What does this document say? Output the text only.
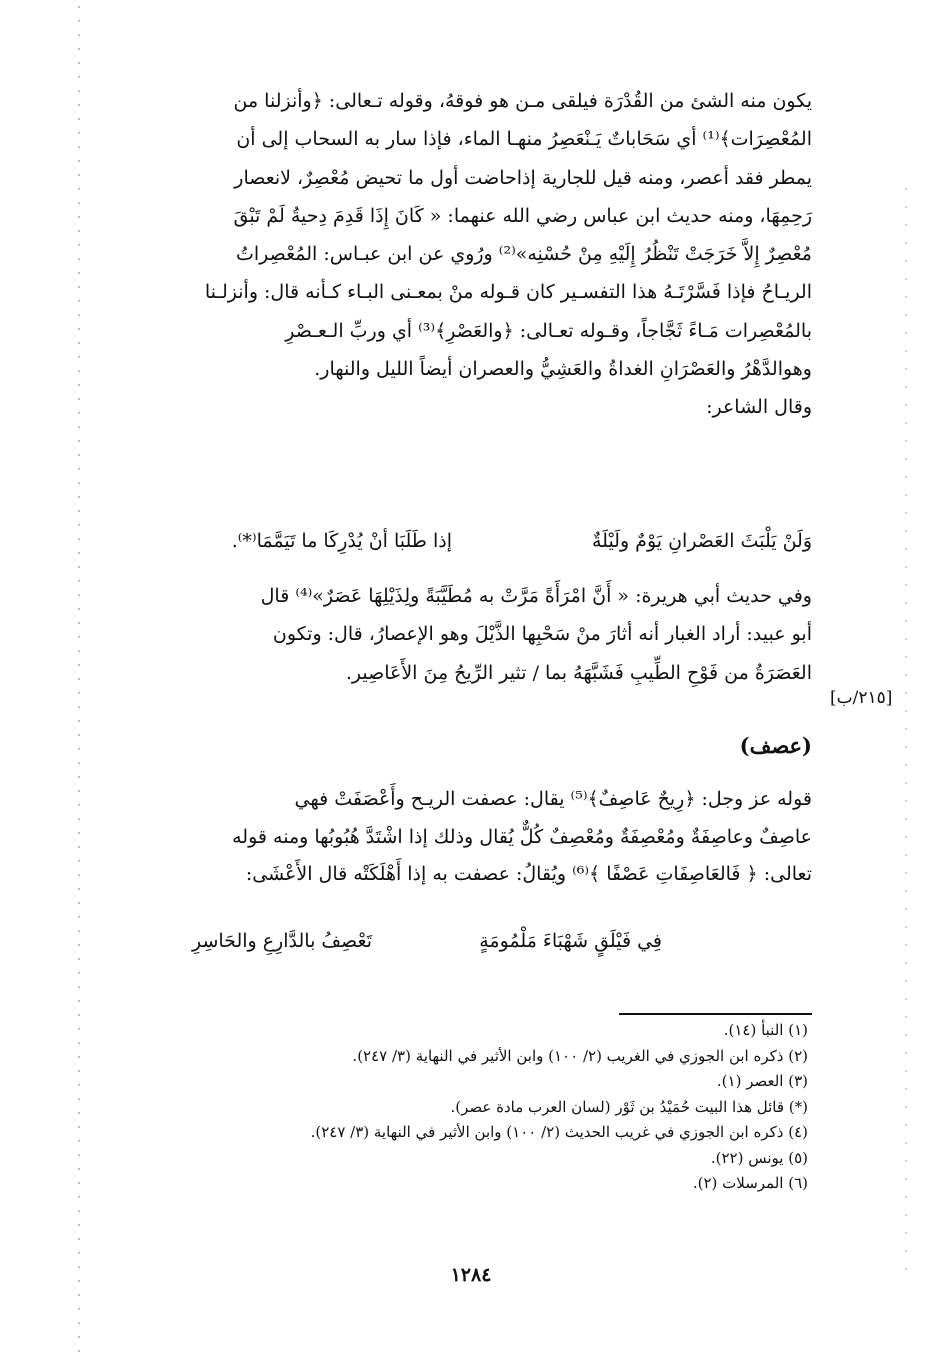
يكون منه الشئ من القُدْرَة فيلقى مـن هو فوقهُ، وقوله تـعالى: ﴿وأنزلنا من

المُعْصِرَات﴾⁽¹⁾ أي سَحَاباتٌ يَـنْعَصِرُ منهـا الماء، فإذا سار به السحاب إلى أن

يمطر فقد أعصر، ومنه قيل للجارية إذاحاضت أول ما تحيض مُعْصِرٌ، لانعصار

رَحِمِهَا، ومنه حديث ابن عباس رضي الله عنهما: « كَانَ إِذَا قَدِمَ دِحيةُ لَمْ تَبْقَ

مُعْصِرٌ إِلاَّ خَرَجَتْ تَنْظُرُ إِلَيْهِ مِنْ حُسْنِه»⁽²⁾ ورُوي عن ابن عبـاس: المُعْصِراتُ

الريـاحُ فإذا فَسَّرْتَـهُ هذا التفسـير كان قـوله منْ بمعـنى البـاء كـأنه قال: وأنزلـنا

بالمُعْصِرات مَـاءً ثَجَّاجاً، وقـوله تعـالى: ﴿والعَصْرِ﴾⁽³⁾ أي وربِّ الـعـصْرِ

وهوالدَّهْرُ والعَصْرَانِ الغداةُ والعَشِيُّ والعصران أيضاً الليل والنهار.

وقال الشاعر:

وَلَنْ يَلْبَثَ العَصْرانِ يَوْمٌ ولَيْلَةٌ
إذا طَلَبَا أنْ يُدْرِكَا ما تَيَمَّمَا⁽*⁾.

وفي حديث أبي هريرة: « أَنَّ امْرَأَةً مَرَّتْ به مُطَيَّبَةً ولِذَيْلِهَا عَصَرٌ»⁽⁴⁾ قال

أبو عبيد: أراد الغبار أنه أثارَ منْ سَحْبِها الذَّيْلَ وهو الإعصارُ، قال: وتكون

العَصَرَةُ من فَوْحِ الطِّيبِ فَشَبَّهَهُ بما / تثير الرِّيحُ مِنَ الأَعَاصِير.

[٢١٥/ب]
(عصف)

قوله عز وجل: ﴿رِيحٌ عَاصِفٌ﴾⁽⁵⁾ يقال: عصفت الريـح وأَعْصَفَتْ فهي

عاصِفٌ وعاصِفَةٌ ومُعْصِفَةٌ ومُعْصِفٌ كُلٌّ يُقال وذلك إذا اشْتَدَّ هُبُوبُها ومنه قوله

تعالى: ﴿ فَالعَاصِفَاتِ عَصْفًا ﴾⁽⁶⁾ ويُقالُ: عصفت به إذا أَهْلَكَتْه قال الأَعْشَى:

فِي فَيْلَقٍ شَهْبَاءَ مَلْمُومَةٍ
تَعْصِفُ بالدَّارِعِ والحَاسِرِ
(١) النبأ (١٤).
(٢) ذكره ابن الجوزي في الغريب (٢/ ١٠٠) وابن الأثير في النهاية (٣/ ٢٤٧).
(٣) العصر (١).
(*) قائل هذا البيت حُمَيْدُ بن ثَوْر (لسان العرب مادة عصر).
(٤) ذكره ابن الجوزي في غريب الحديث (٢/ ١٠٠) وابن الأثير في النهاية (٣/ ٢٤٧).
(٥) يونس (٢٢).
(٦) المرسلات (٢).
١٢٨٤
